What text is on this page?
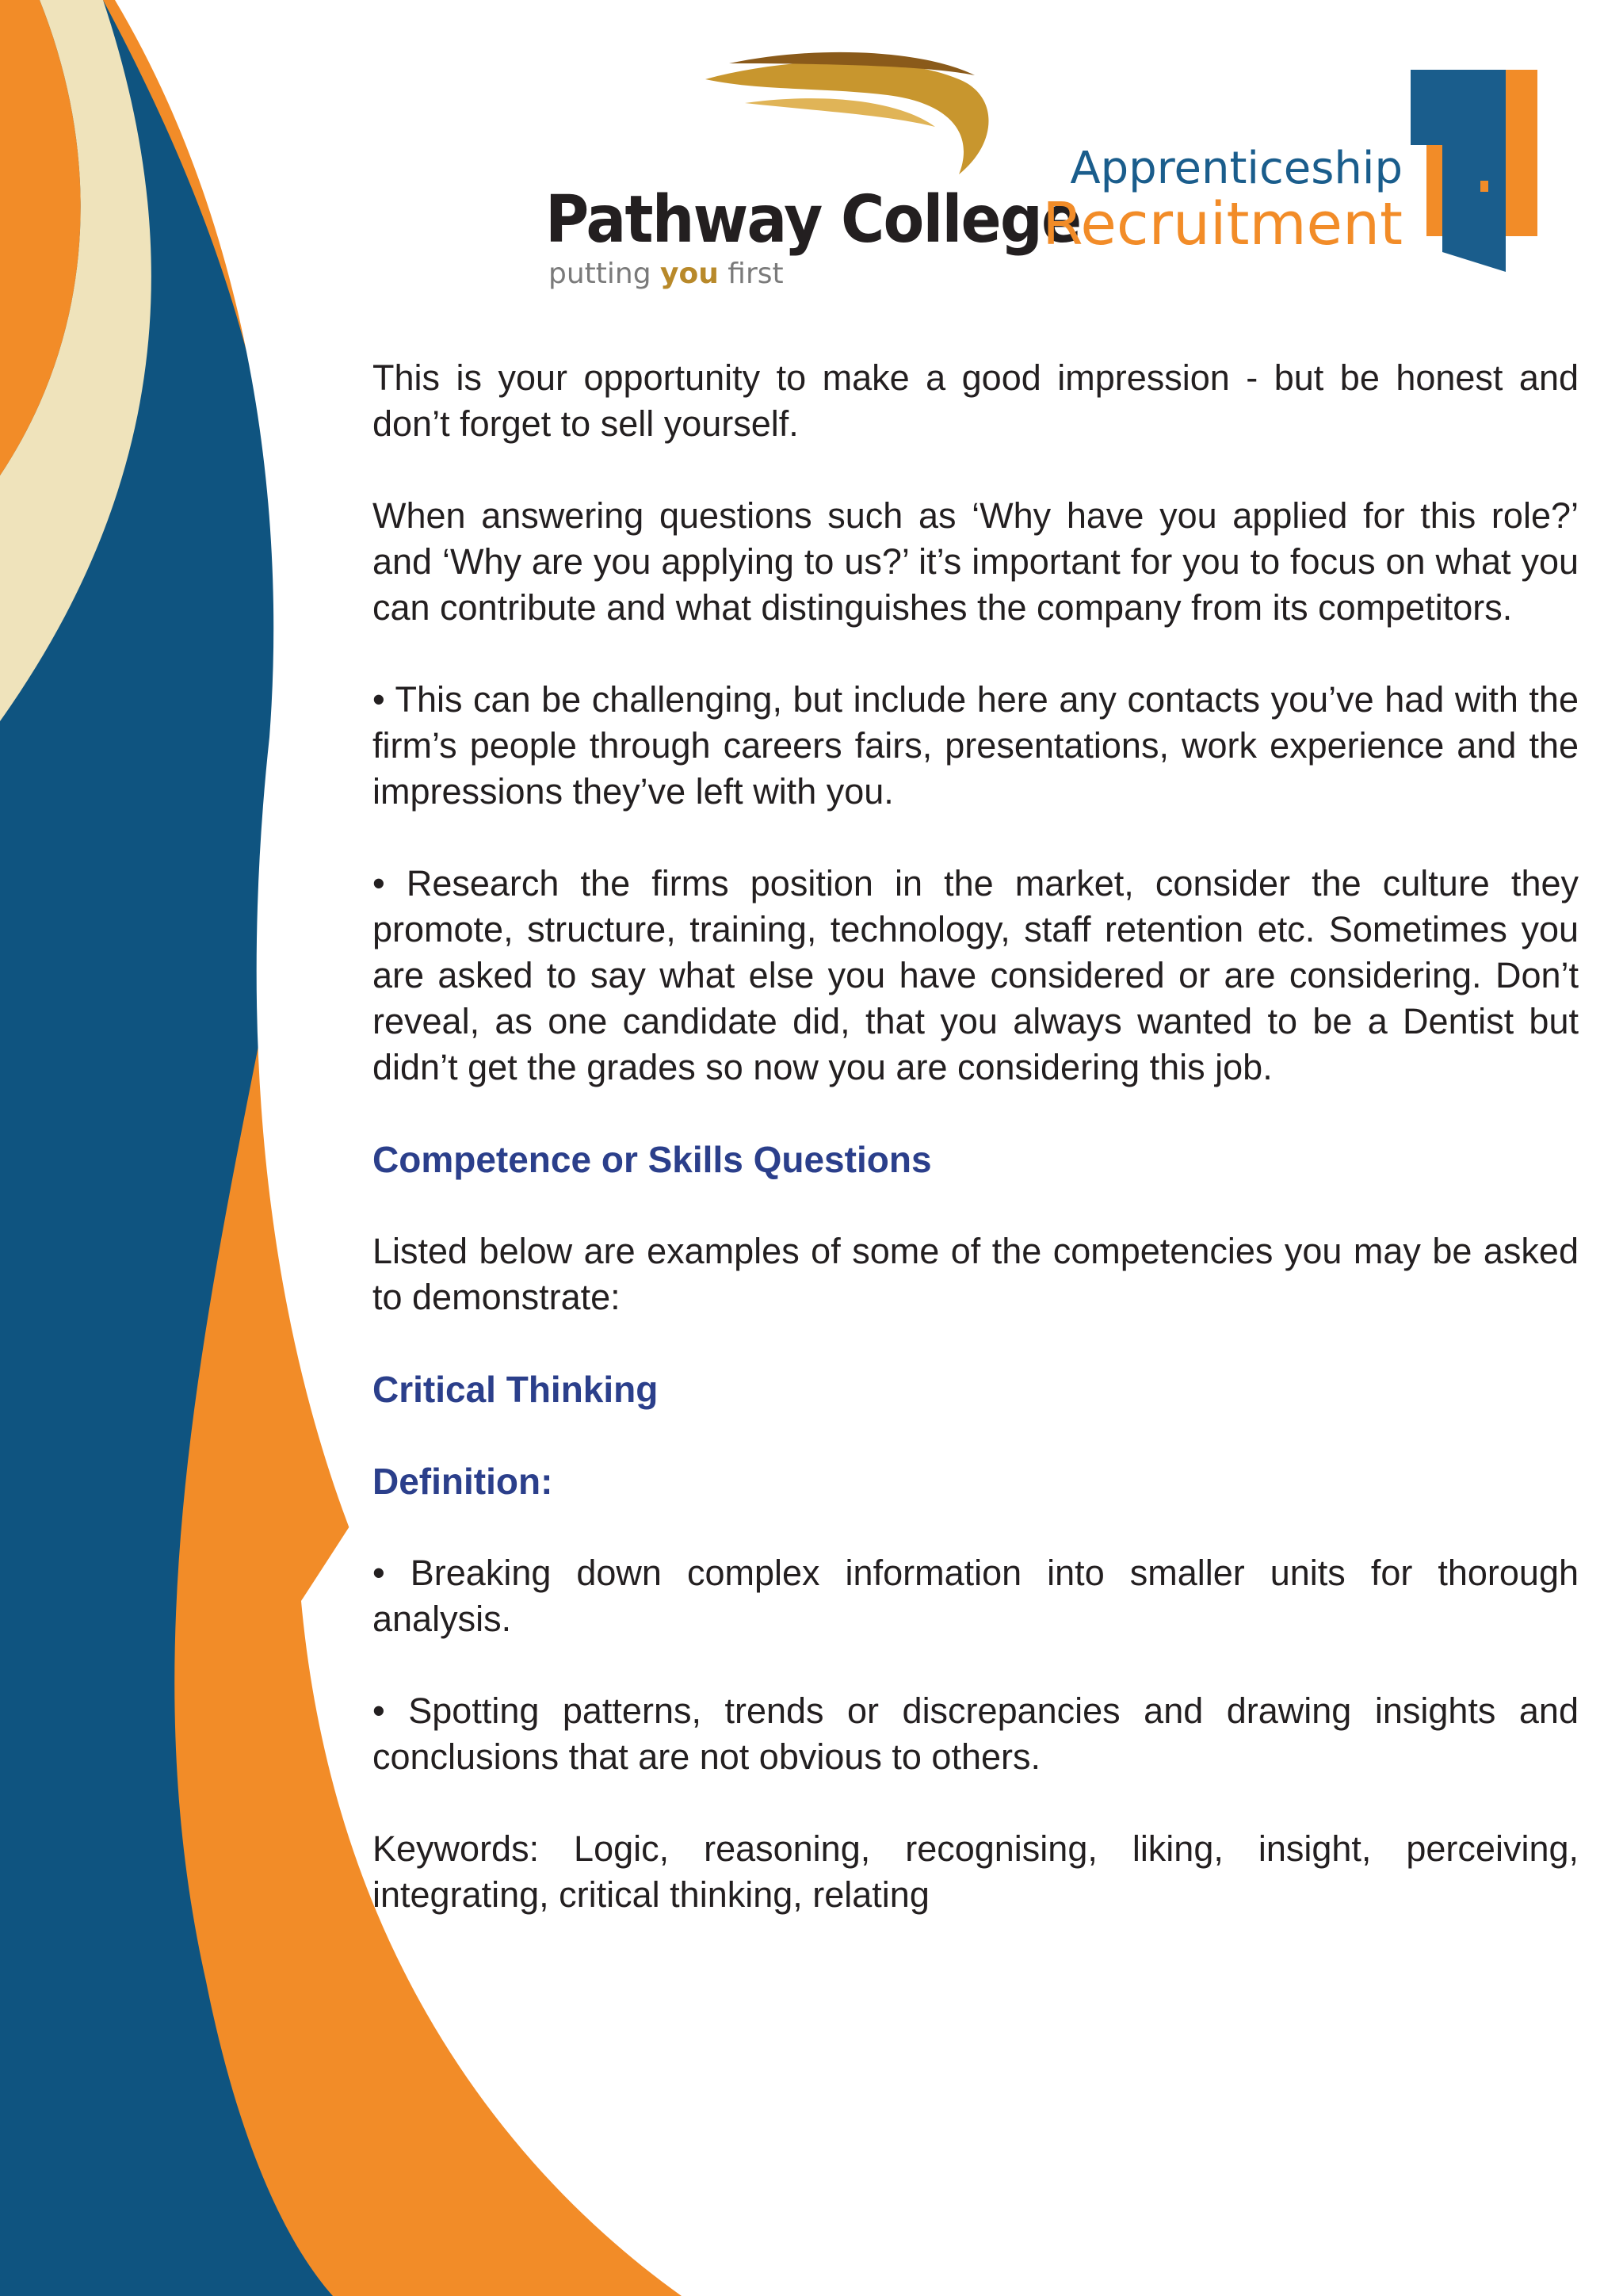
Pathway College

putting you first

Apprenticeship

Recruitment

This is your opportunity to make a good impression - but be honest and don’t forget to sell yourself.

When answering questions such as ‘Why have you applied for this role?’ and ‘Why are you applying to us?’ it’s important for you to focus on what you can contribute and what distinguishes the company from its competitors.

• This can be challenging, but include here any contacts you’ve had with the firm’s people through careers fairs, presentations, work experience and the impressions they’ve left with you.

• Research the firms position in the market, consider the culture they promote, structure, training, technology, staff retention etc. Sometimes you are asked to say what else you have considered or are considering. Don’t reveal, as one candidate did, that you always wanted to be a Dentist but didn’t get the grades so now you are considering this job.

Competence or Skills Questions

Listed below are examples of some of the competencies you may be asked to demonstrate:

Critical Thinking
Definition:

• Breaking down complex information into smaller units for thorough analysis.

• Spotting patterns, trends or discrepancies and drawing insights and conclusions that are not obvious to others.

Keywords: Logic, reasoning, recognising, liking, insight, perceiving, integrating, critical thinking, relating
